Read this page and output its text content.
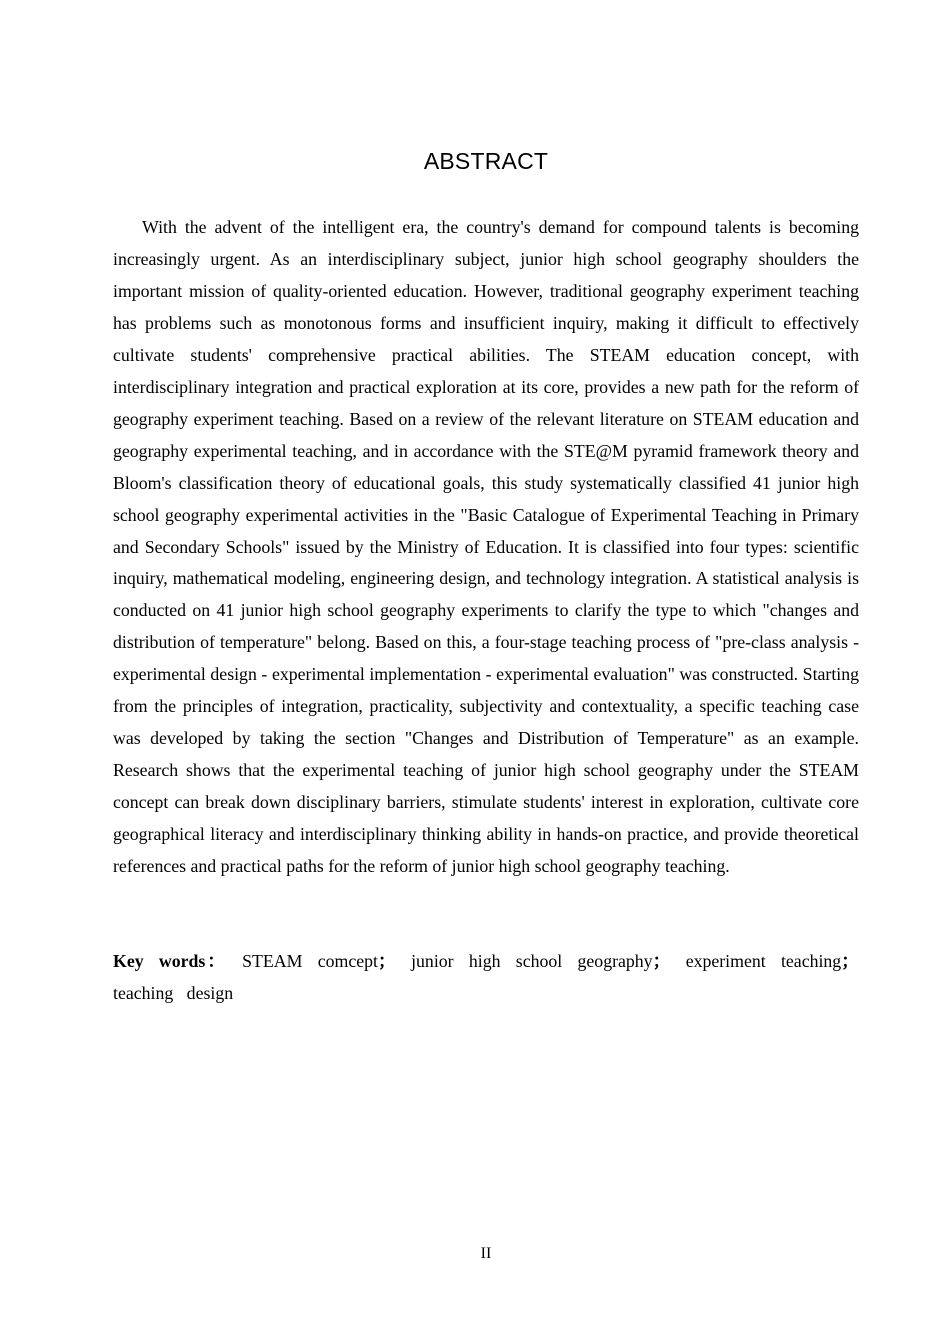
ABSTRACT

With the advent of the intelligent era, the country's demand for compound talents is becoming increasingly urgent. As an interdisciplinary subject, junior high school geography shoulders the important mission of quality-oriented education. However, traditional geography experiment teaching has problems such as monotonous forms and insufficient inquiry, making it difficult to effectively cultivate students' comprehensive practical abilities. The STEAM education concept, with interdisciplinary integration and practical exploration at its core, provides a new path for the reform of geography experiment teaching. Based on a review of the relevant literature on STEAM education and geography experimental teaching, and in accordance with the STE@M pyramid framework theory and Bloom's classification theory of educational goals, this study systematically classified 41 junior high school geography experimental activities in the "Basic Catalogue of Experimental Teaching in Primary and Secondary Schools" issued by the Ministry of Education. It is classified into four types: scientific inquiry, mathematical modeling, engineering design, and technology integration. A statistical analysis is conducted on 41 junior high school geography experiments to clarify the type to which "changes and distribution of temperature" belong. Based on this, a four-stage teaching process of "pre-class analysis - experimental design - experimental implementation - experimental evaluation" was constructed. Starting from the principles of integration, practicality, subjectivity and contextuality, a specific teaching case was developed by taking the section "Changes and Distribution of Temperature" as an example. Research shows that the experimental teaching of junior high school geography under the STEAM concept can break down disciplinary barriers, stimulate students' interest in exploration, cultivate core geographical literacy and interdisciplinary thinking ability in hands-on practice, and provide theoretical references and practical paths for the reform of junior high school geography teaching.

Key words： STEAM comcept； junior high school geography； experiment teaching； teaching design

II
